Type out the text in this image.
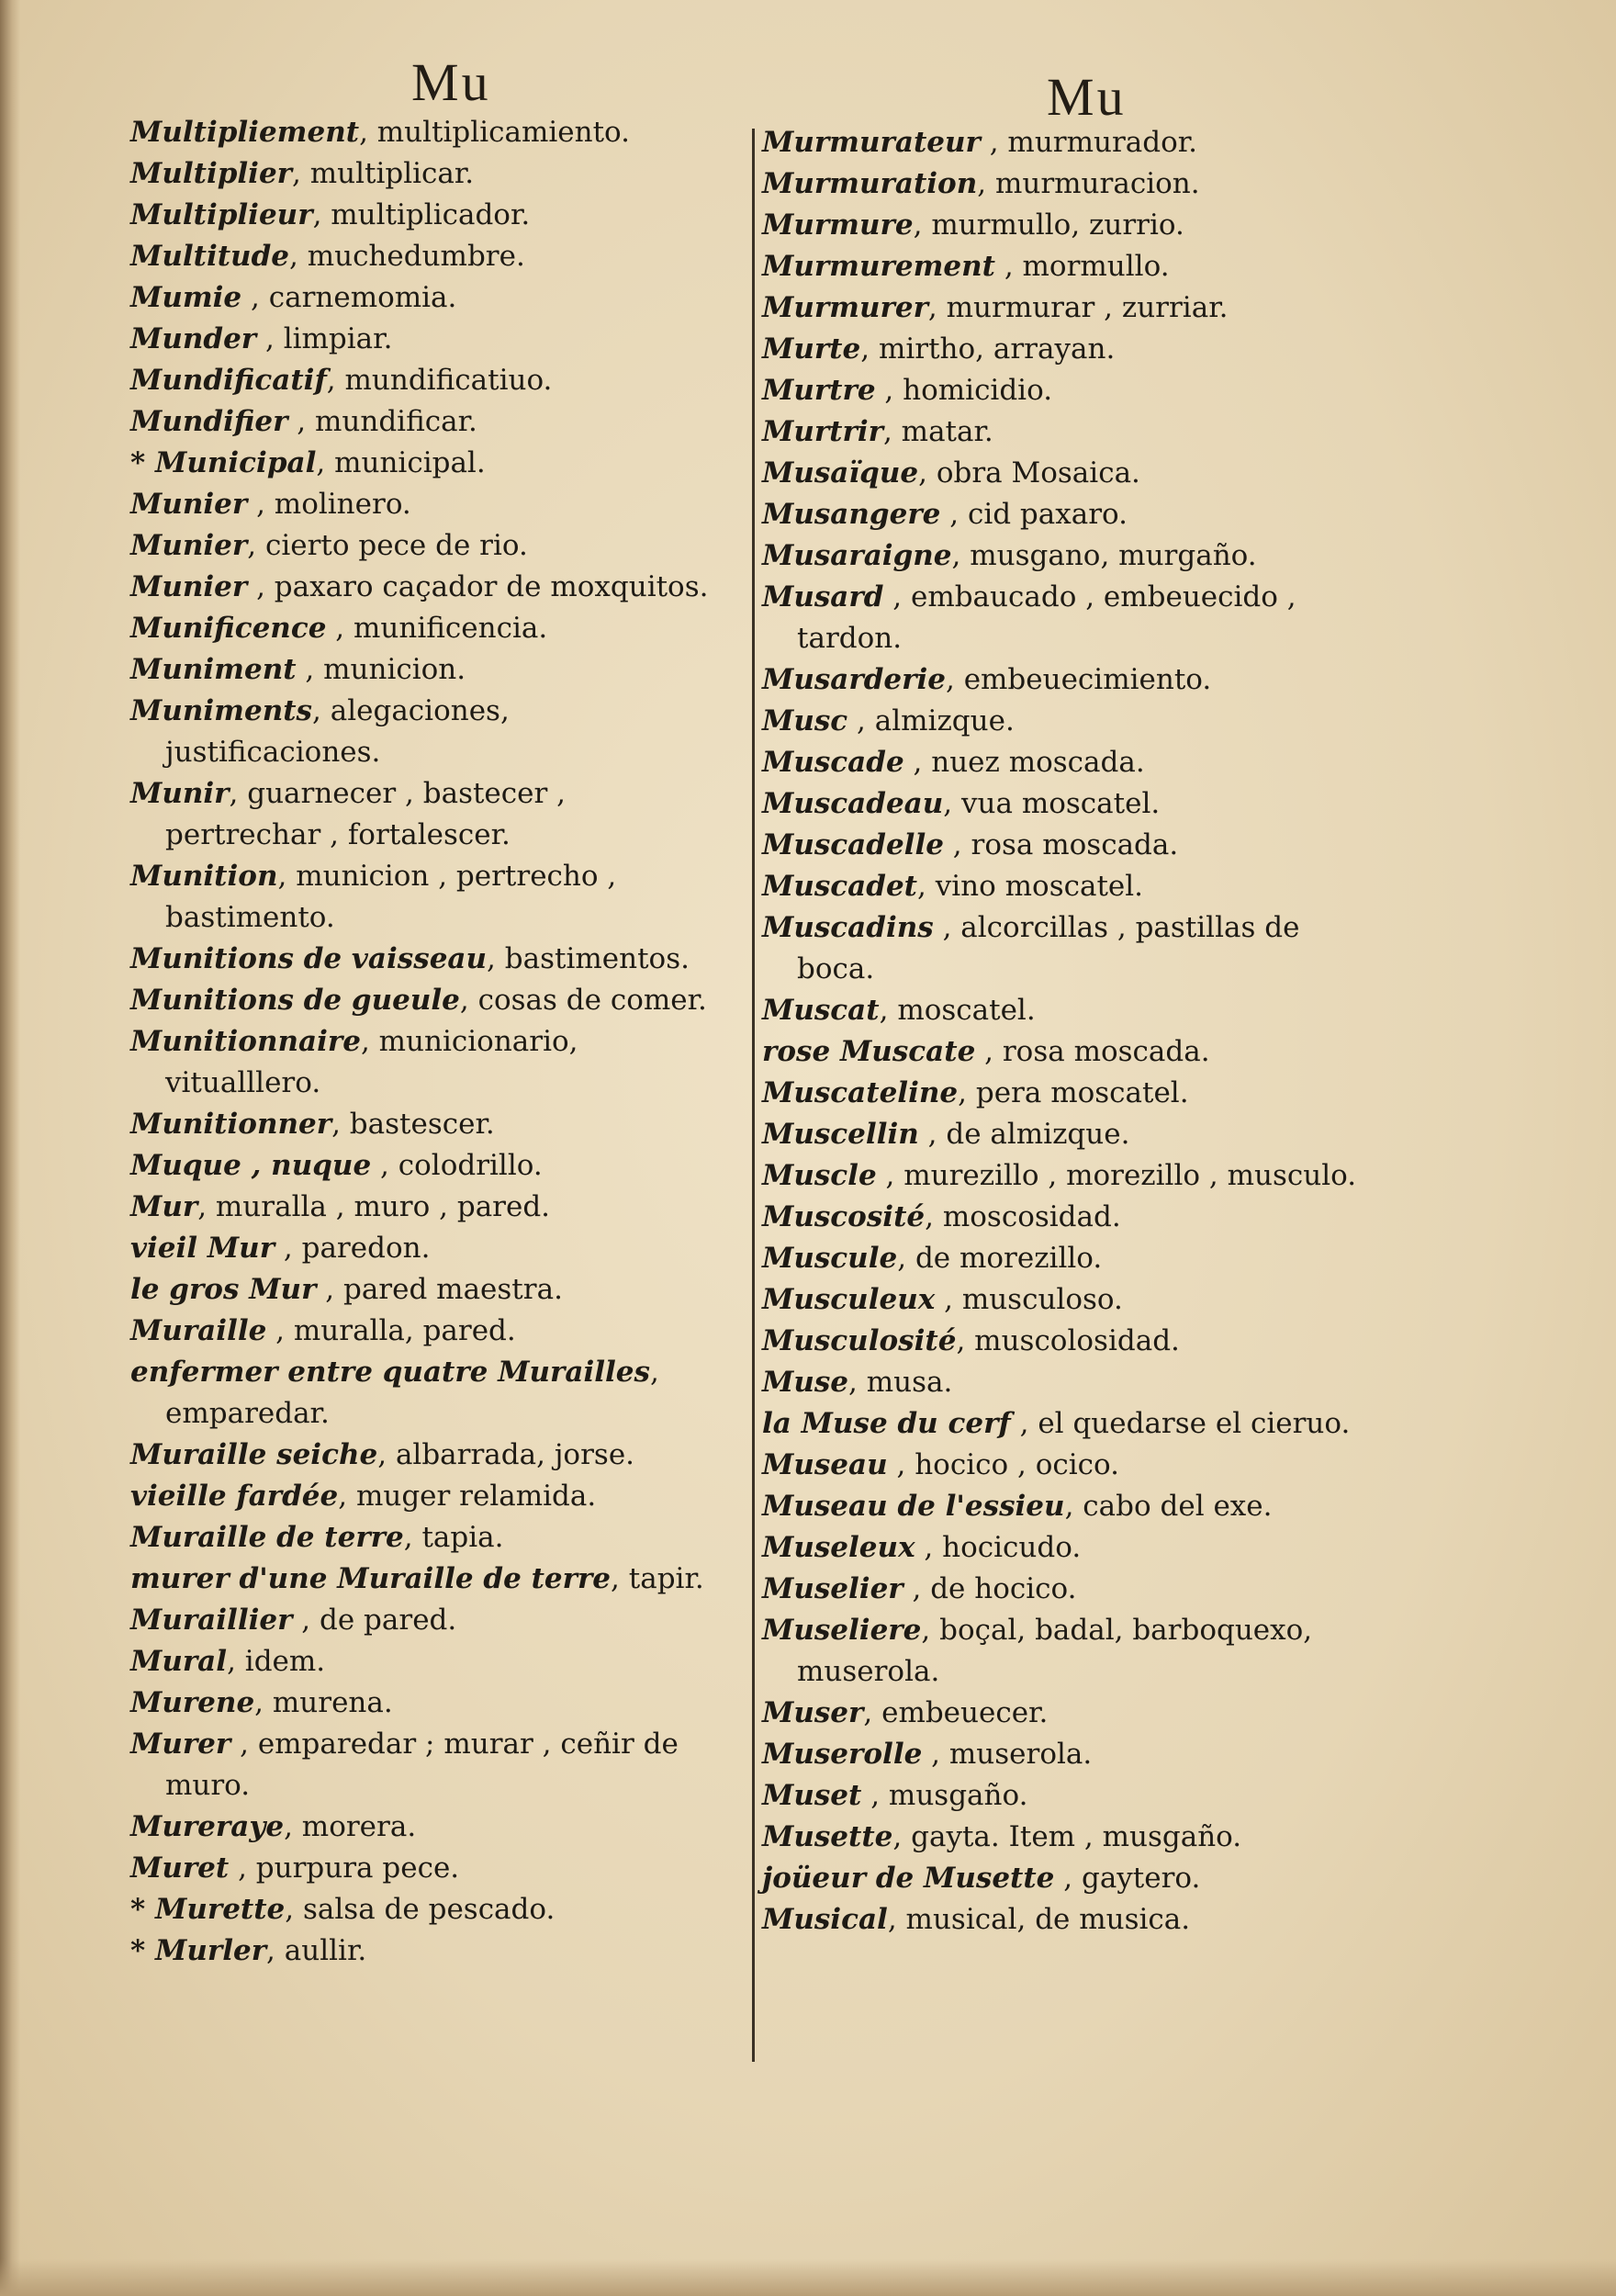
Mu	Mu
Multipliement, multiplicamiento.
Multiplier, multiplicar.
Multiplieur, multiplicador.
Multitude, muchedumbre.
Mumie , carnemomia.
Munder , limpiar.
Mundificatif, mundificatiuo.
Mundifier , mundificar.
* Municipal, municipal.
Munier , molinero.
Munier, cierto pece de rio.
Munier , paxaro caçador de moxquitos.
Munificence , munificencia.
Muniment , municion.
Muniments, alegaciones, justificaciones.
Munir, guarnecer , bastecer , pertrechar , fortalescer.
Munition, municion , pertrecho , bastimento.
Munitions de vaisseau, bastimentos.
Munitions de gueule, cosas de comer.
Munitionnaire, municionario, vitualllero.
Munitionner, bastescer.
Muque , nuque , colodrillo.
Mur, muralla , muro , pared.
vieil Mur , paredon.
le gros Mur , pared maestra.
Muraille , muralla, pared.
enfermer entre quatre Murailles, emparedar.
Muraille seiche, albarrada, jorse.
vieille fardée, muger relamida.
Muraille de terre, tapia.
murer d'une Muraille de terre, tapir.
Muraillier , de pared.
Mural, idem.
Murene, murena.
Murer , emparedar ; murar , ceñir de muro.
Mureraye, morera.
Muret , purpura pece.
* Murette, salsa de pescado.
* Murler, aullir.
Murmurateur , murmurador.
Murmuration, murmuracion.
Murmure, murmullo, zurrio.
Murmurement , mormullo.
Murmurer, murmurar , zurriar.
Murte, mirtho, arrayan.
Murtre , homicidio.
Murtrir, matar.
Musaïque, obra Mosaica.
Musangere , cid paxaro.
Musaraigne, musgano, murgaño.
Musard , embaucado , embeuecido , tardon.
Musarderie, embeuecimiento.
Musc , almizque.
Muscade , nuez moscada.
Muscadeau, vua moscatel.
Muscadelle , rosa moscada.
Muscadet, vino moscatel.
Muscadins , alcorcillas , pastillas de boca.
Muscat, moscatel.
rose Muscate , rosa moscada.
Muscateline, pera moscatel.
Muscellin , de almizque.
Muscle , murezillo , morezillo , musculo.
Muscosité, moscosidad.
Muscule, de morezillo.
Musculeux , musculoso.
Musculosité, muscolosidad.
Muse, musa.
la Muse du cerf , el quedarse el cieruo.
Museau , hocico , ocico.
Museau de l'essieu, cabo del exe.
Museleux , hocicudo.
Muselier , de hocico.
Museliere, boçal, badal, barboquexo, muserola.
Muser, embeuecer.
Muserolle , muserola.
Muset , musgaño.
Musette, gayta. Item , musgaño.
joüeur de Musette , gaytero.
Musical, musical, de musica.
